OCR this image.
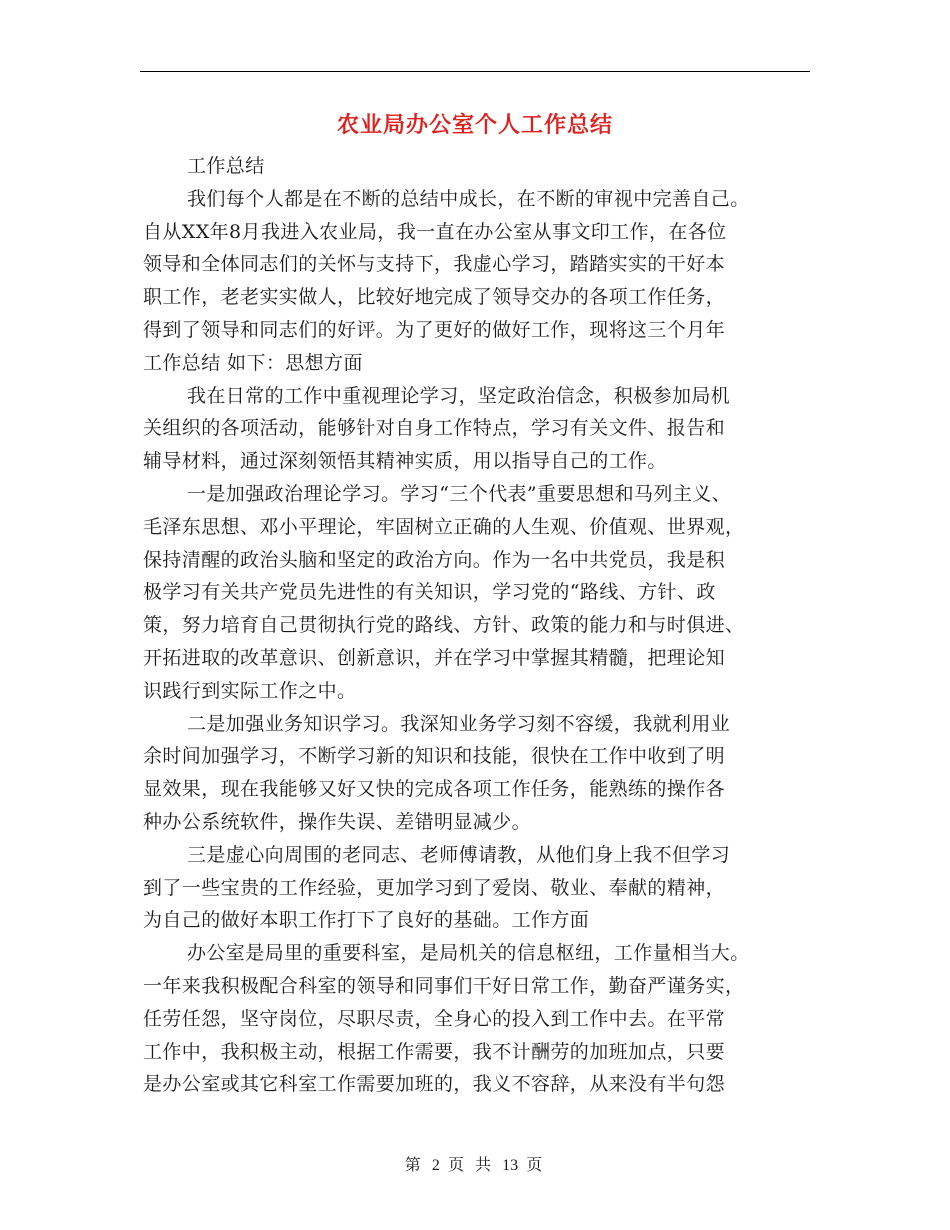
农业局办公室个人工作总结
工作总结
我们每个人都是在不断的总结中成长，在不断的审视中完善自己。
自从XX年8月我进入农业局，我一直在办公室从事文印工作，在各位
领导和全体同志们的关怀与支持下，我虚心学习，踏踏实实的干好本
职工作，老老实实做人，比较好地完成了领导交办的各项工作任务，
得到了领导和同志们的好评。为了更好的做好工作，现将这三个月年
工作总结 如下：思想方面
我在日常的工作中重视理论学习，坚定政治信念，积极参加局机
关组织的各项活动，能够针对自身工作特点，学习有关文件、报告和
辅导材料，通过深刻领悟其精神实质，用以指导自己的工作。
一是加强政治理论学习。学习“三个代表”重要思想和马列主义、
毛泽东思想、邓小平理论，牢固树立正确的人生观、价值观、世界观，
保持清醒的政治头脑和坚定的政治方向。作为一名中共党员，我是积
极学习有关共产党员先进性的有关知识，学习党的“路线、方针、政
策，努力培育自己贯彻执行党的路线、方针、政策的能力和与时俱进、
开拓进取的改革意识、创新意识，并在学习中掌握其精髓，把理论知
识践行到实际工作之中。
二是加强业务知识学习。我深知业务学习刻不容缓，我就利用业
余时间加强学习，不断学习新的知识和技能，很快在工作中收到了明
显效果，现在我能够又好又快的完成各项工作任务，能熟练的操作各
种办公系统软件，操作失误、差错明显减少。
三是虚心向周围的老同志、老师傅请教，从他们身上我不但学习
到了一些宝贵的工作经验，更加学习到了爱岗、敬业、奉献的精神，
为自己的做好本职工作打下了良好的基础。工作方面
办公室是局里的重要科室，是局机关的信息枢纽，工作量相当大。
一年来我积极配合科室的领导和同事们干好日常工作，勤奋严谨务实，
任劳任怨，坚守岗位，尽职尽责，全身心的投入到工作中去。在平常
工作中，我积极主动，根据工作需要，我不计酬劳的加班加点，只要
是办公室或其它科室工作需要加班的，我义不容辞，从来没有半句怨
第 2 页 共 13 页
